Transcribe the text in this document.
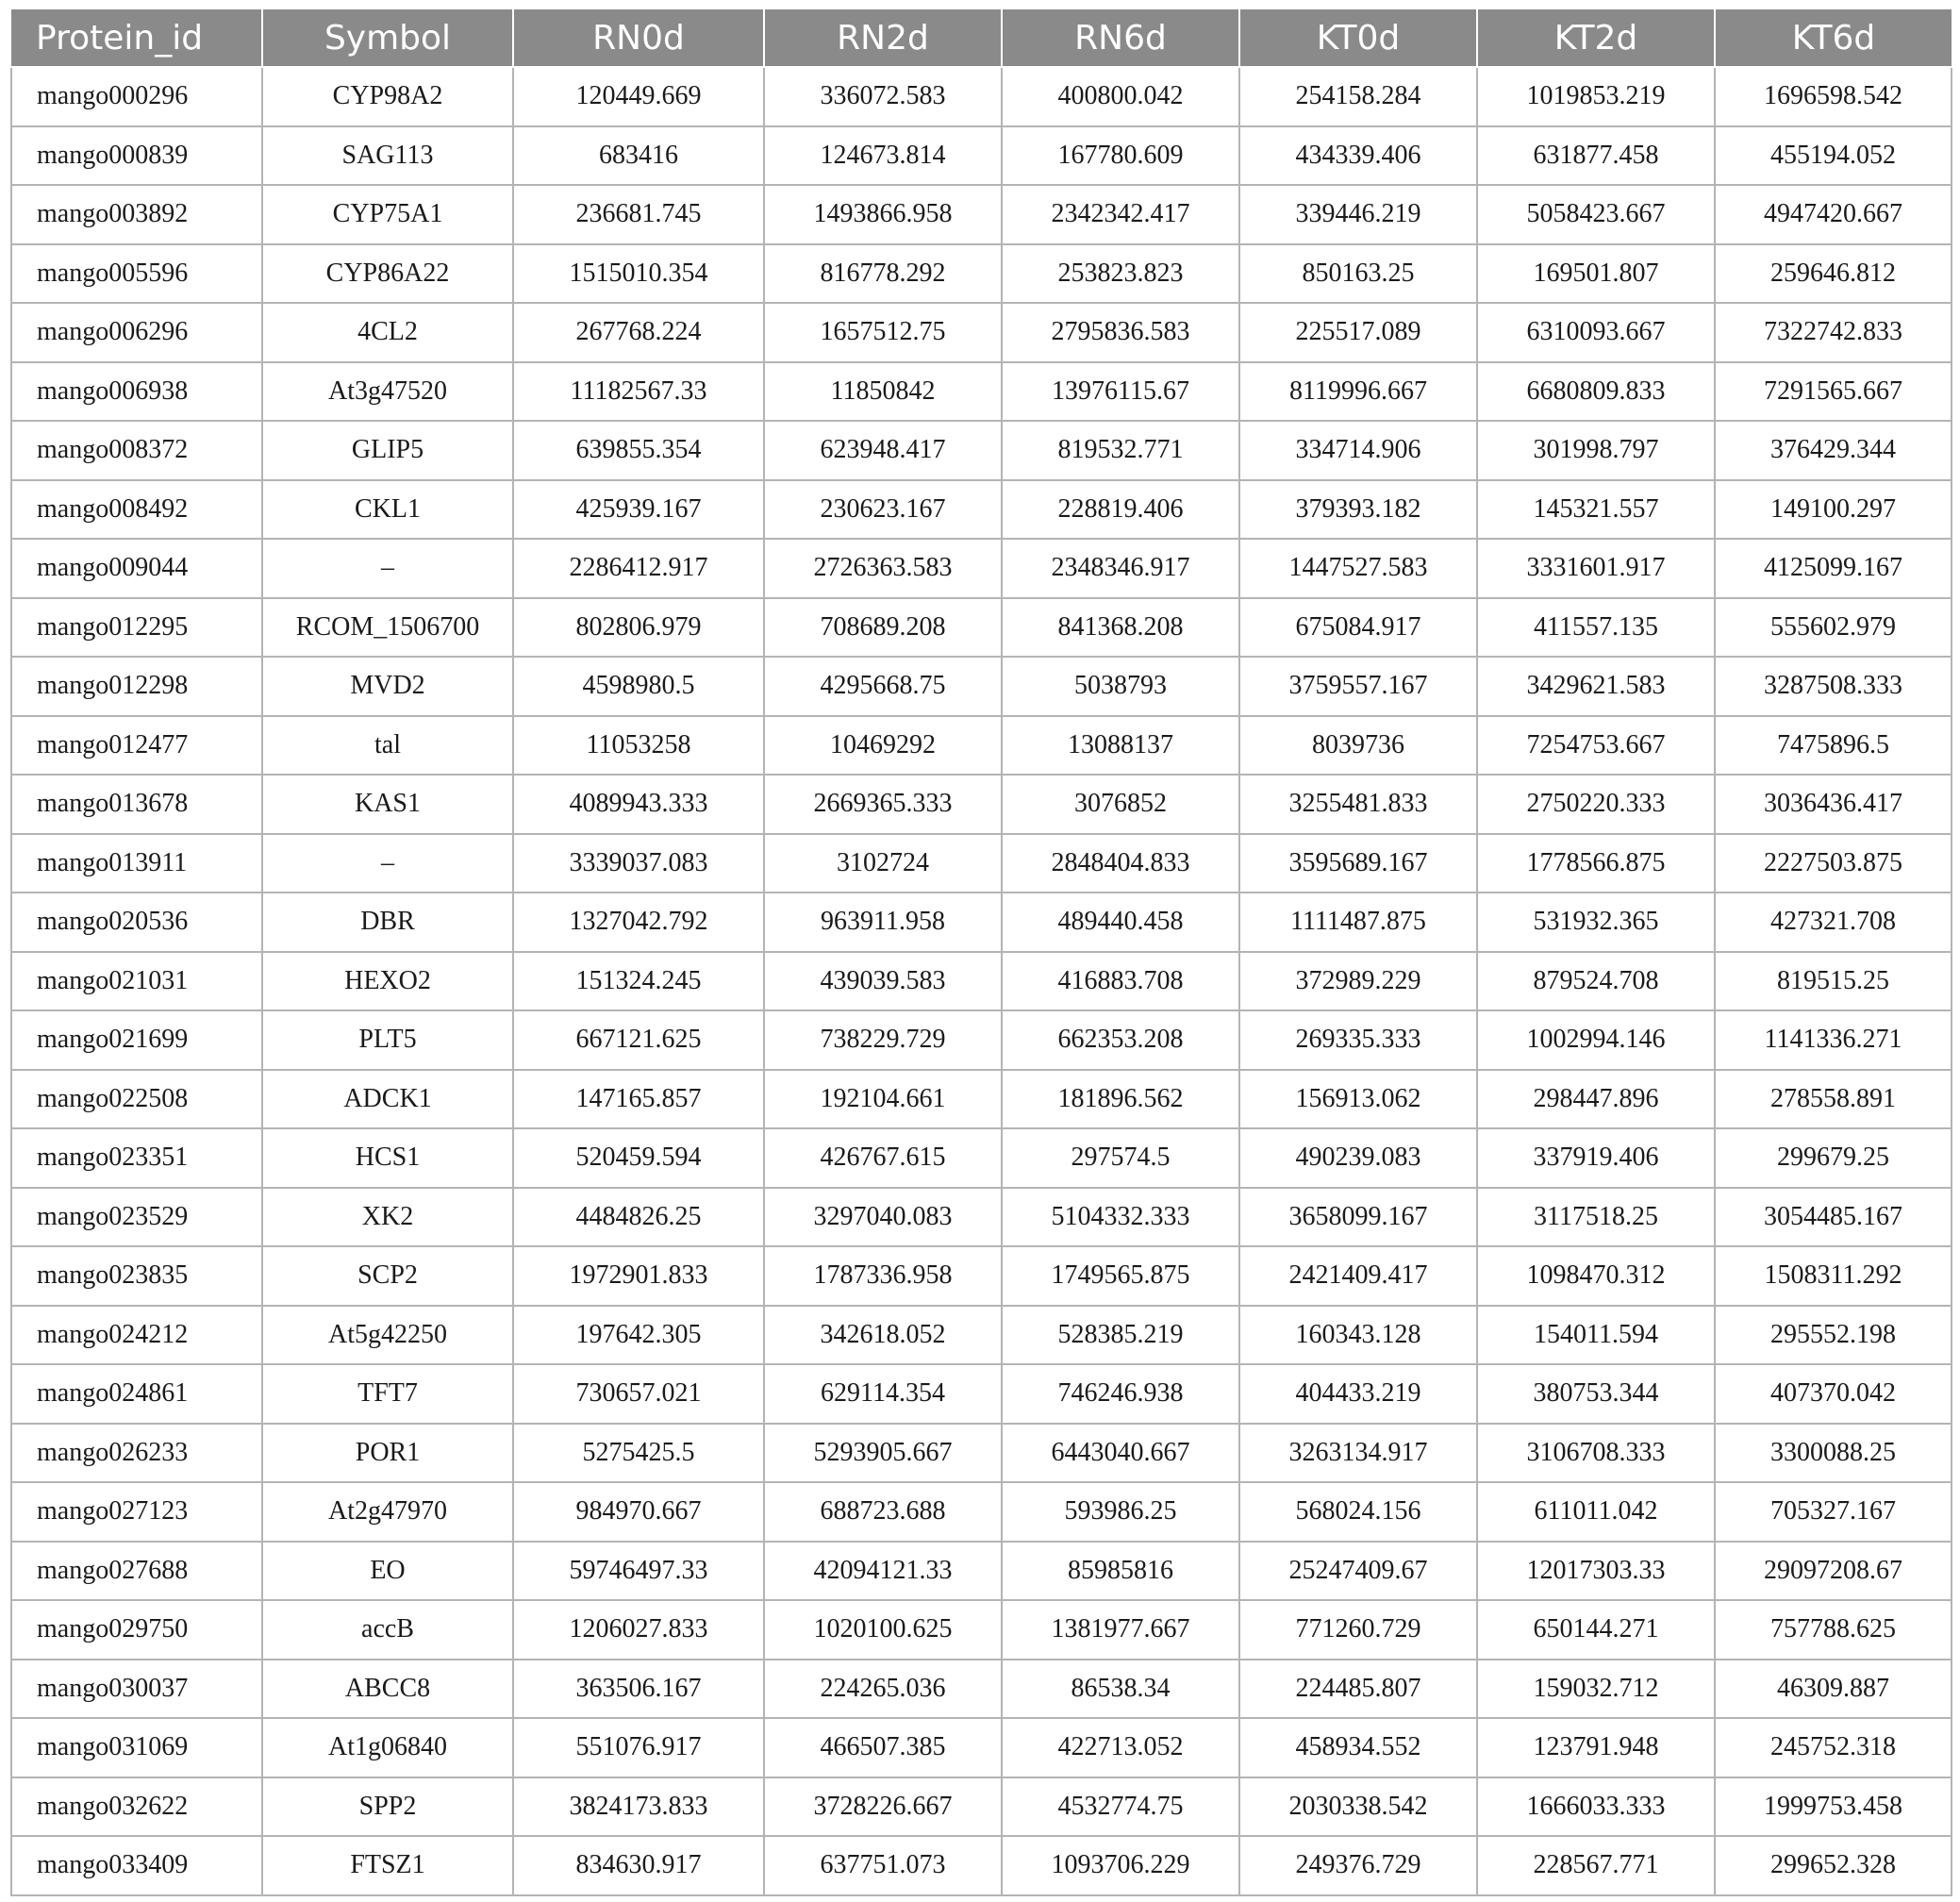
Protein_id	Symbol	RN0d	RN2d	RN6d	KT0d	KT2d	KT6d
mango000296	CYP98A2	120449.669	336072.583	400800.042	254158.284	1019853.219	1696598.542
mango000839	SAG113	683416	124673.814	167780.609	434339.406	631877.458	455194.052
mango003892	CYP75A1	236681.745	1493866.958	2342342.417	339446.219	5058423.667	4947420.667
mango005596	CYP86A22	1515010.354	816778.292	253823.823	850163.25	169501.807	259646.812
mango006296	4CL2	267768.224	1657512.75	2795836.583	225517.089	6310093.667	7322742.833
mango006938	At3g47520	11182567.33	11850842	13976115.67	8119996.667	6680809.833	7291565.667
mango008372	GLIP5	639855.354	623948.417	819532.771	334714.906	301998.797	376429.344
mango008492	CKL1	425939.167	230623.167	228819.406	379393.182	145321.557	149100.297
mango009044	–	2286412.917	2726363.583	2348346.917	1447527.583	3331601.917	4125099.167
mango012295	RCOM_1506700	802806.979	708689.208	841368.208	675084.917	411557.135	555602.979
mango012298	MVD2	4598980.5	4295668.75	5038793	3759557.167	3429621.583	3287508.333
mango012477	tal	11053258	10469292	13088137	8039736	7254753.667	7475896.5
mango013678	KAS1	4089943.333	2669365.333	3076852	3255481.833	2750220.333	3036436.417
mango013911	–	3339037.083	3102724	2848404.833	3595689.167	1778566.875	2227503.875
mango020536	DBR	1327042.792	963911.958	489440.458	1111487.875	531932.365	427321.708
mango021031	HEXO2	151324.245	439039.583	416883.708	372989.229	879524.708	819515.25
mango021699	PLT5	667121.625	738229.729	662353.208	269335.333	1002994.146	1141336.271
mango022508	ADCK1	147165.857	192104.661	181896.562	156913.062	298447.896	278558.891
mango023351	HCS1	520459.594	426767.615	297574.5	490239.083	337919.406	299679.25
mango023529	XK2	4484826.25	3297040.083	5104332.333	3658099.167	3117518.25	3054485.167
mango023835	SCP2	1972901.833	1787336.958	1749565.875	2421409.417	1098470.312	1508311.292
mango024212	At5g42250	197642.305	342618.052	528385.219	160343.128	154011.594	295552.198
mango024861	TFT7	730657.021	629114.354	746246.938	404433.219	380753.344	407370.042
mango026233	POR1	5275425.5	5293905.667	6443040.667	3263134.917	3106708.333	3300088.25
mango027123	At2g47970	984970.667	688723.688	593986.25	568024.156	611011.042	705327.167
mango027688	EO	59746497.33	42094121.33	85985816	25247409.67	12017303.33	29097208.67
mango029750	accB	1206027.833	1020100.625	1381977.667	771260.729	650144.271	757788.625
mango030037	ABCC8	363506.167	224265.036	86538.34	224485.807	159032.712	46309.887
mango031069	At1g06840	551076.917	466507.385	422713.052	458934.552	123791.948	245752.318
mango032622	SPP2	3824173.833	3728226.667	4532774.75	2030338.542	1666033.333	1999753.458
mango033409	FTSZ1	834630.917	637751.073	1093706.229	249376.729	228567.771	299652.328
